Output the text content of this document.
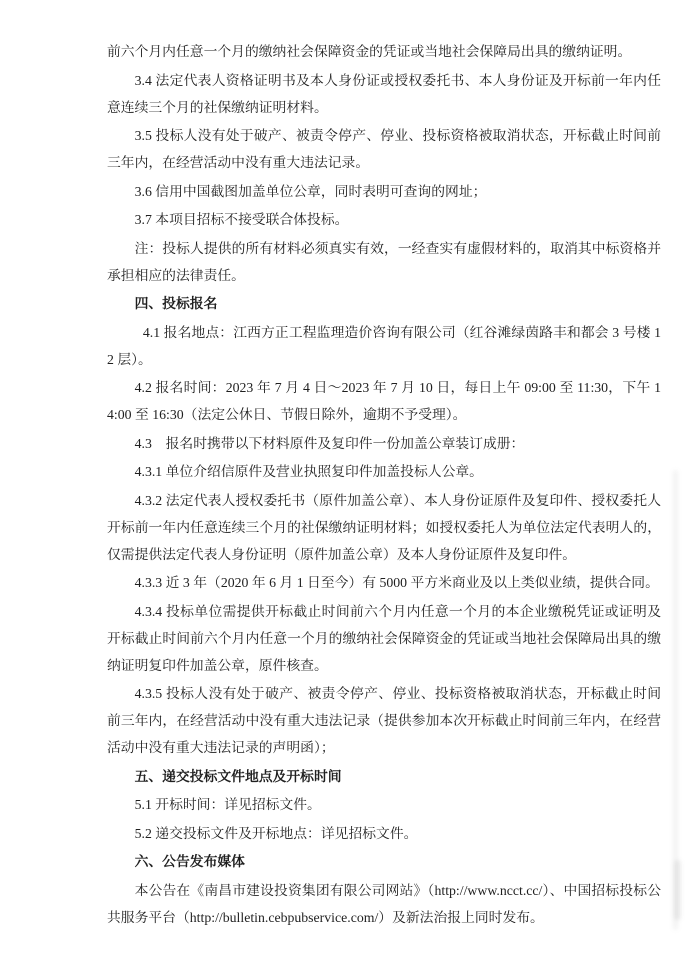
前六个月内任意一个月的缴纳社会保障资金的凭证或当地社会保障局出具的缴纳证明。

3.4 法定代表人资格证明书及本人身份证或授权委托书、本人身份证及开标前一年内任意连续三个月的社保缴纳证明材料。

3.5 投标人没有处于破产、被责令停产、停业、投标资格被取消状态，开标截止时间前三年内，在经营活动中没有重大违法记录。

3.6 信用中国截图加盖单位公章，同时表明可查询的网址；

3.7 本项目招标不接受联合体投标。

注：投标人提供的所有材料必须真实有效，一经查实有虚假材料的，取消其中标资格并承担相应的法律责任。

四、投标报名

4.1 报名地点：江西方正工程监理造价咨询有限公司（红谷滩绿茵路丰和都会 3 号楼 12 层）。

4.2 报名时间：2023 年 7 月 4 日～2023 年 7 月 10 日，每日上午 09:00 至 11:30，下午 14:00 至 16:30（法定公休日、节假日除外，逾期不予受理）。

4.3　报名时携带以下材料原件及复印件一份加盖公章装订成册：

4.3.1 单位介绍信原件及营业执照复印件加盖投标人公章。

4.3.2 法定代表人授权委托书（原件加盖公章）、本人身份证原件及复印件、授权委托人开标前一年内任意连续三个月的社保缴纳证明材料；如授权委托人为单位法定代表明人的，仅需提供法定代表人身份证明（原件加盖公章）及本人身份证原件及复印件。

4.3.3 近 3 年（2020 年 6 月 1 日至今）有 5000 平方米商业及以上类似业绩，提供合同。

4.3.4 投标单位需提供开标截止时间前六个月内任意一个月的本企业缴税凭证或证明及开标截止时间前六个月内任意一个月的缴纳社会保障资金的凭证或当地社会保障局出具的缴纳证明复印件加盖公章，原件核查。

4.3.5 投标人没有处于破产、被责令停产、停业、投标资格被取消状态，开标截止时间前三年内，在经营活动中没有重大违法记录（提供参加本次开标截止时间前三年内，在经营活动中没有重大违法记录的声明函）；

五、递交投标文件地点及开标时间

5.1 开标时间：详见招标文件。

5.2 递交投标文件及开标地点：详见招标文件。

六、公告发布媒体

本公告在《南昌市建设投资集团有限公司网站》（http://www.ncct.cc/）、中国招标投标公共服务平台（http://bulletin.cebpubservice.com/）及新法治报上同时发布。
